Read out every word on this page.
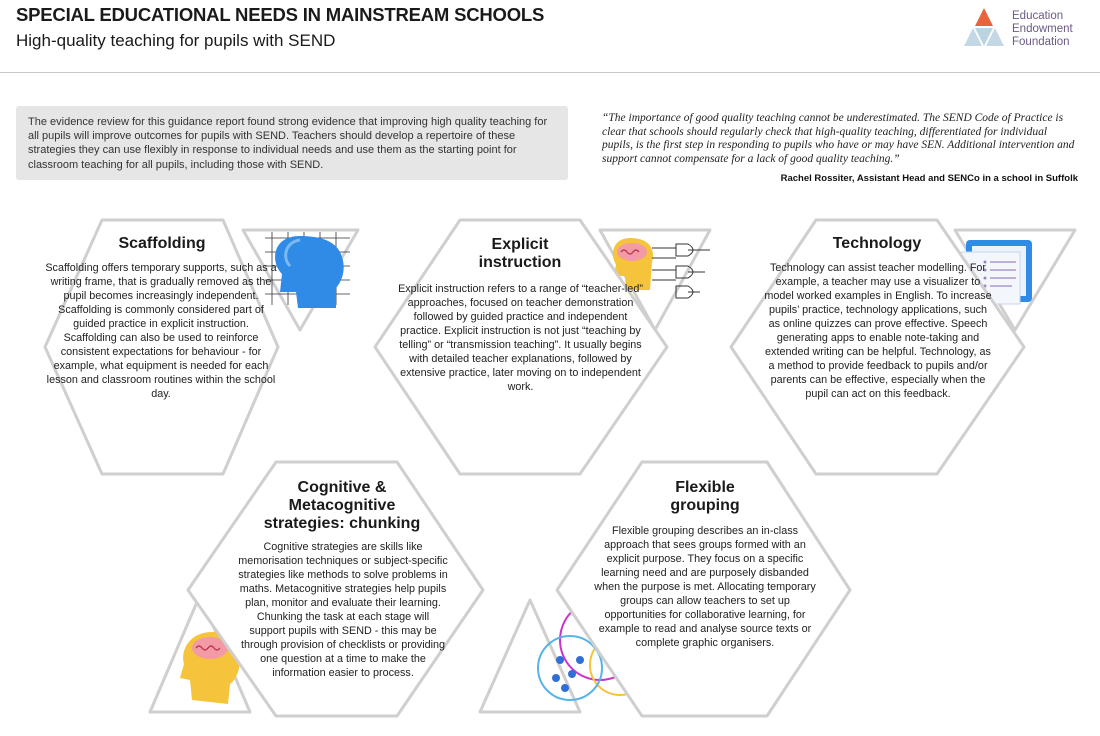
SPECIAL EDUCATIONAL NEEDS IN MAINSTREAM SCHOOLS
High-quality teaching for pupils with SEND
Education
Endowment
Foundation
The evidence review for this guidance report found strong evidence that improving high quality teaching for all pupils will improve outcomes for pupils with SEND. Teachers should develop a repertoire of these strategies they can use flexibly in response to individual needs and use them as the starting point for classroom teaching for all pupils, including those with SEND.

“The importance of good quality teaching cannot be underestimated. The SEND Code of Practice is clear that schools should regularly check that high-quality teaching, differentiated for individual pupils, is the first step in responding to pupils who have or may have SEN. Additional intervention and support cannot compensate for a lack of good quality teaching.”

Rachel Rossiter, Assistant Head and SENCo in a school in Suffolk
Scaffolding

Scaffolding offers temporary supports, such as a writing frame, that is gradually removed as the pupil becomes increasingly independent. Scaffolding is commonly considered part of guided practice in explicit instruction. Scaffolding can also be used to reinforce consistent expectations for behaviour - for example, what equipment is needed for each lesson and classroom routines within the school day.

Explicit instruction

Explicit instruction refers to a range of “teacher-led” approaches, focused on teacher demonstration followed by guided practice and independent practice. Explicit instruction is not just “teaching by telling” or “transmission teaching”. It usually begins with detailed teacher explanations, followed by extensive practice, later moving on to independent work.

Technology

Technology can assist teacher modelling. For example, a teacher may use a visualizer to model worked examples in English. To increase pupils’ practice, technology applications, such as online quizzes can prove effective. Speech generating apps to enable note-taking and extended writing can be helpful. Technology, as a method to provide feedback to pupils and/or parents can be effective, especially when the pupil can act on this feedback.

Cognitive & Metacognitive strategies: chunking

Cognitive strategies are skills like memorisation techniques or subject-specific strategies like methods to solve problems in maths. Metacognitive strategies help pupils plan, monitor and evaluate their learning. Chunking the task at each stage will support pupils with SEND - this may be through provision of checklists or providing one question at a time to make the information easier to process.

Flexible grouping

Flexible grouping describes an in-class approach that sees groups formed with an explicit purpose. They focus on a specific learning need and are purposely disbanded when the purpose is met. Allocating temporary groups can allow teachers to set up opportunities for collaborative learning, for example to read and analyse source texts or complete graphic organisers.
